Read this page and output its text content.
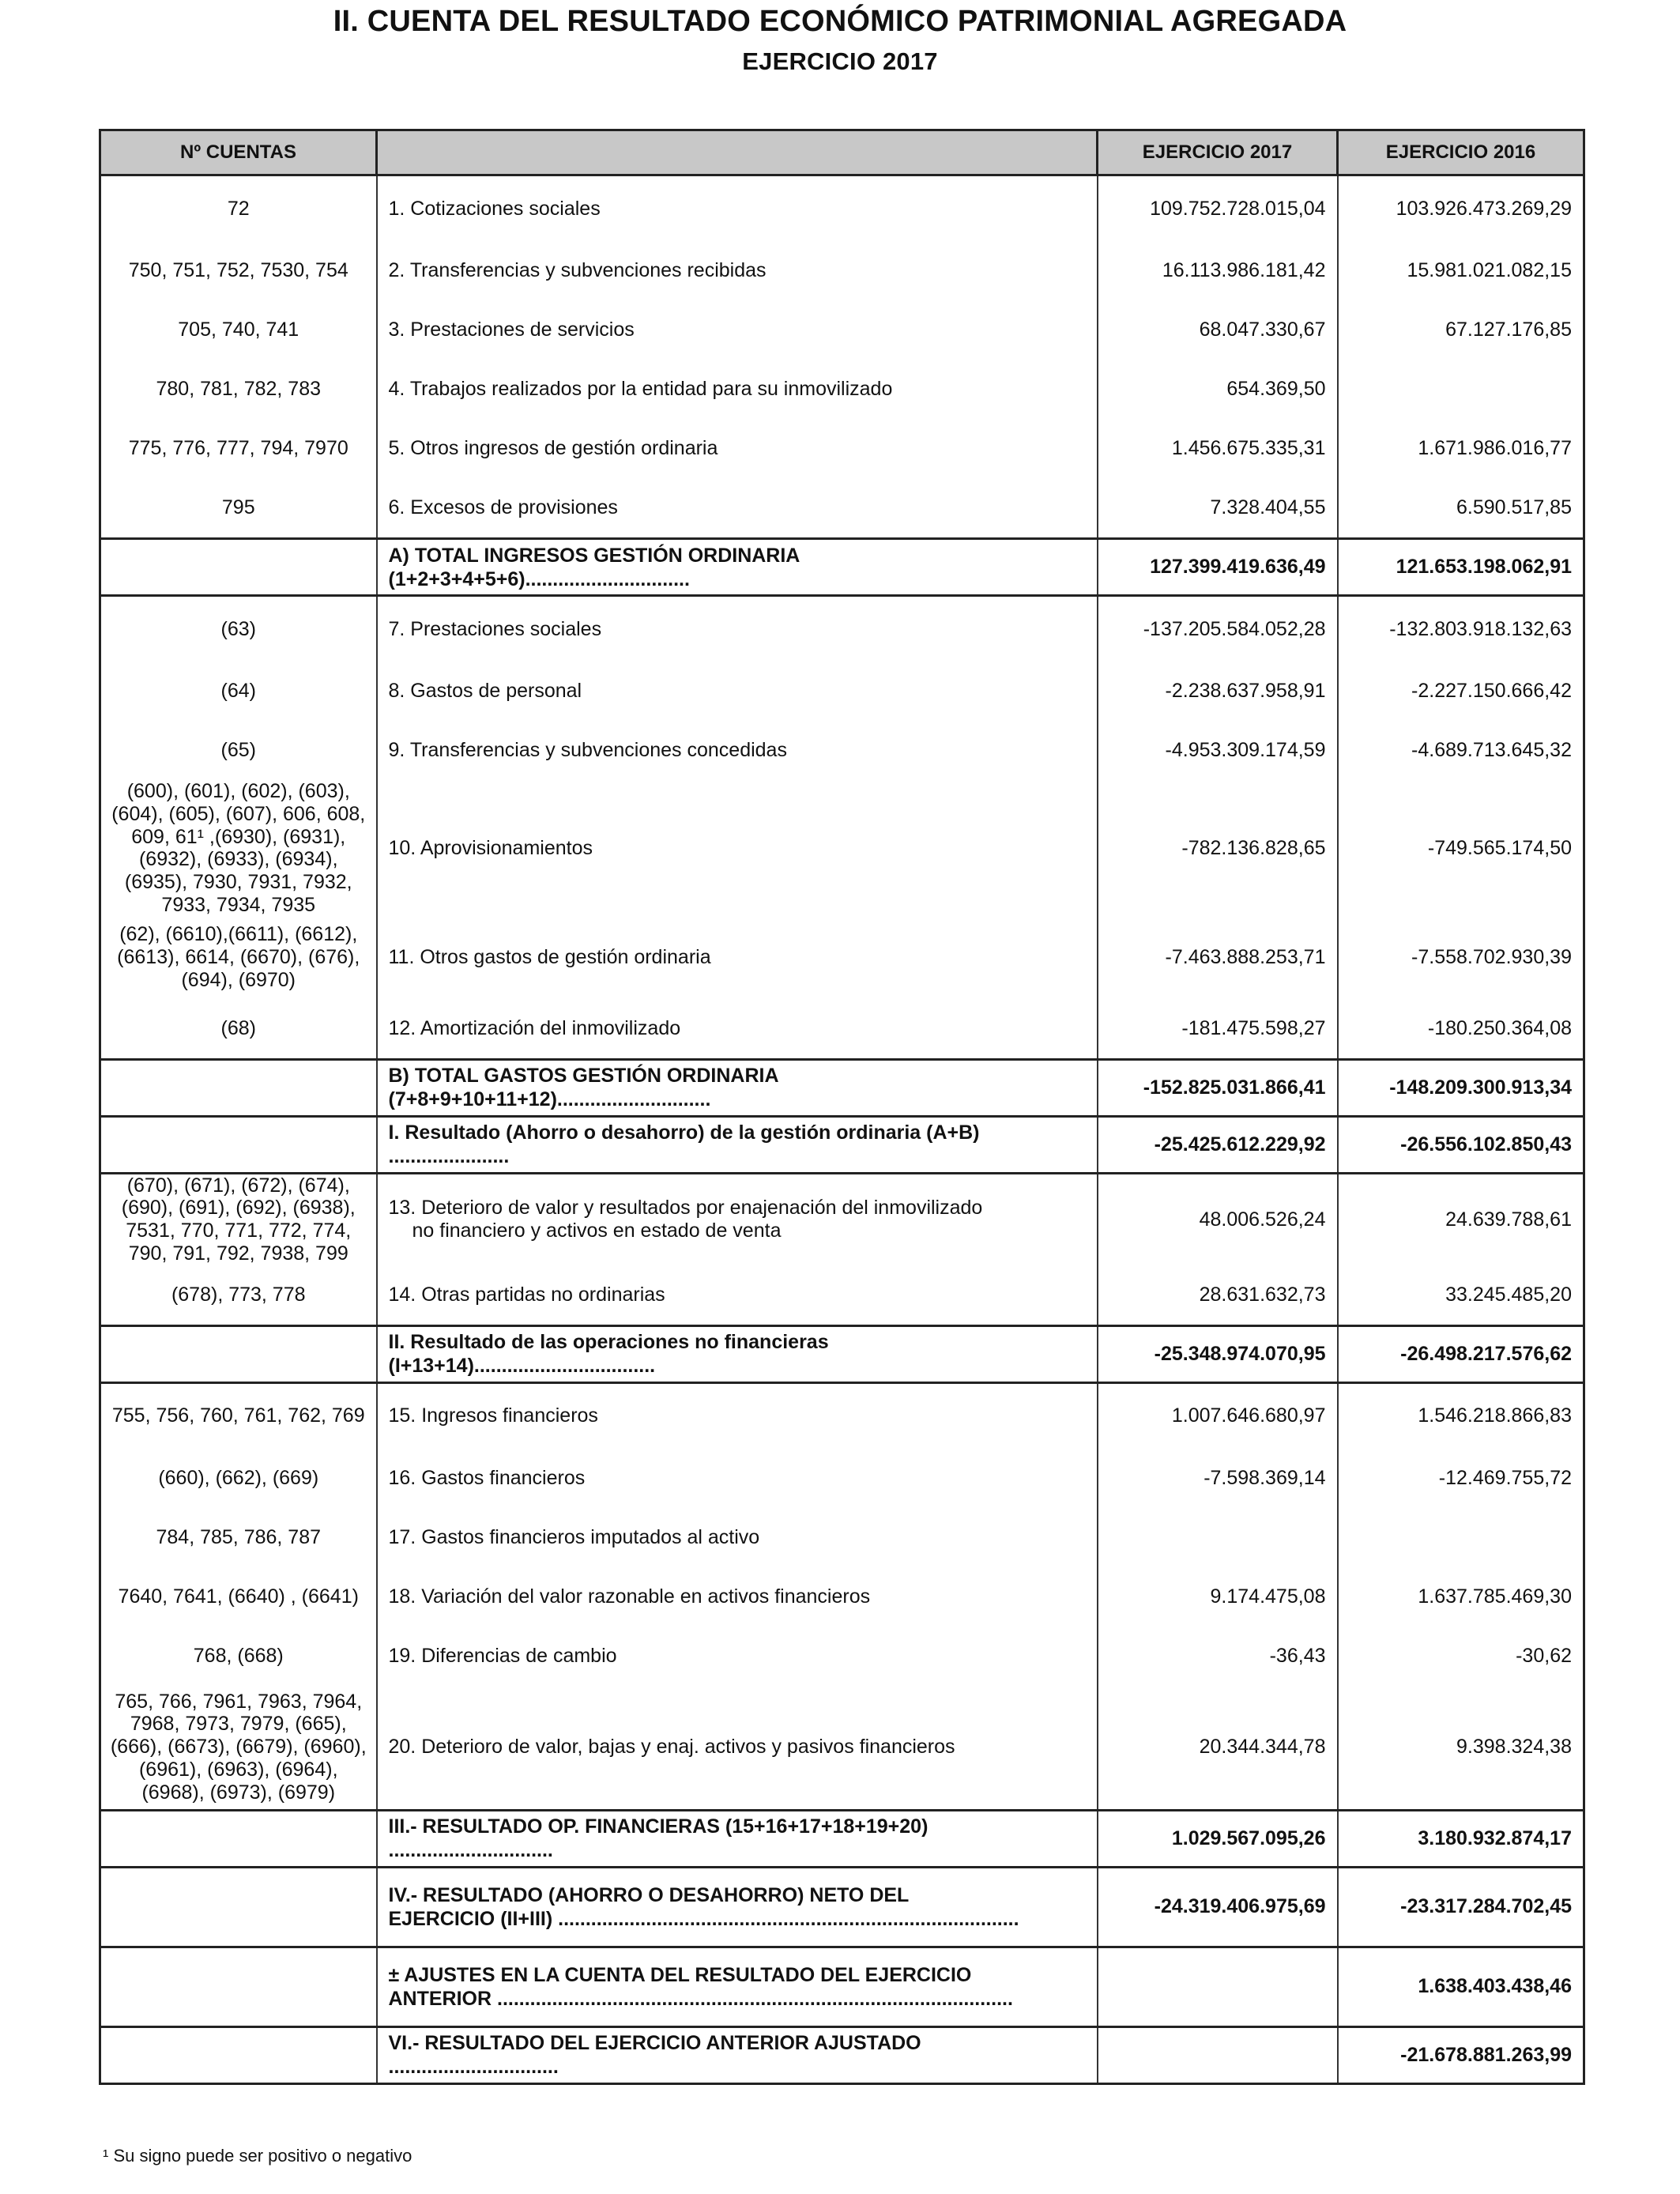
II. CUENTA DEL RESULTADO ECONÓMICO PATRIMONIAL AGREGADA
EJERCICIO 2017
Nº CUENTAS		EJERCICIO 2017	EJERCICIO 2016
72	1. Cotizaciones sociales	109.752.728.015,04	103.926.473.269,29
750, 751, 752, 7530, 754	2. Transferencias y subvenciones recibidas	16.113.986.181,42	15.981.021.082,15
705, 740, 741	3. Prestaciones de servicios	68.047.330,67	67.127.176,85
780, 781, 782, 783	4. Trabajos realizados por la entidad para su inmovilizado	654.369,50	
775, 776, 777, 794, 7970	5. Otros ingresos de gestión ordinaria	1.456.675.335,31	1.671.986.016,77
795	6. Excesos de provisiones	7.328.404,55	6.590.517,85
	A) TOTAL INGRESOS GESTIÓN ORDINARIA (1+2+3+4+5+6)..............................	127.399.419.636,49	121.653.198.062,91
(63)	7. Prestaciones sociales	-137.205.584.052,28	-132.803.918.132,63
(64)	8. Gastos de personal	-2.238.637.958,91	-2.227.150.666,42
(65)	9. Transferencias y subvenciones concedidas	-4.953.309.174,59	-4.689.713.645,32
(600), (601), (602), (603), (604), (605), (607), 606, 608, 609, 61¹ ,(6930), (6931), (6932), (6933), (6934), (6935), 7930, 7931, 7932, 7933, 7934, 7935	10. Aprovisionamientos	-782.136.828,65	-749.565.174,50
(62), (6610),(6611), (6612), (6613), 6614, (6670), (676), (694), (6970)	11. Otros gastos de gestión ordinaria	-7.463.888.253,71	-7.558.702.930,39
(68)	12. Amortización del inmovilizado	-181.475.598,27	-180.250.364,08
	B) TOTAL GASTOS GESTIÓN ORDINARIA (7+8+9+10+11+12)............................	-152.825.031.866,41	-148.209.300.913,34
	I. Resultado (Ahorro o desahorro) de la gestión ordinaria (A+B) ......................	-25.425.612.229,92	-26.556.102.850,43
(670), (671), (672), (674), (690), (691), (692), (6938), 7531, 770, 771, 772, 774, 790, 791, 792, 7938, 799	13. Deterioro de valor y resultados por enajenación del inmovilizado
no financiero y activos en estado de venta	48.006.526,24	24.639.788,61
(678), 773, 778	14. Otras partidas no ordinarias	28.631.632,73	33.245.485,20
	II. Resultado de las operaciones no financieras (I+13+14).................................	-25.348.974.070,95	-26.498.217.576,62
755, 756, 760, 761, 762, 769	15. Ingresos financieros	1.007.646.680,97	1.546.218.866,83
(660), (662), (669)	16. Gastos financieros	-7.598.369,14	-12.469.755,72
784, 785, 786, 787	17. Gastos financieros imputados al activo		
7640, 7641, (6640) , (6641)	18. Variación del valor razonable en activos financieros	9.174.475,08	1.637.785.469,30
768, (668)	19. Diferencias de cambio	-36,43	-30,62
765, 766, 7961, 7963, 7964, 7968, 7973, 7979, (665), (666), (6673), (6679), (6960), (6961), (6963), (6964), (6968), (6973), (6979)	20. Deterioro de valor, bajas y enaj. activos y pasivos financieros	20.344.344,78	9.398.324,38
	III.- RESULTADO OP. FINANCIERAS (15+16+17+18+19+20) ..............................	1.029.567.095,26	3.180.932.874,17
	IV.- RESULTADO (AHORRO O DESAHORRO) NETO DEL
EJERCICIO (II+III) ....................................................................................	-24.319.406.975,69	-23.317.284.702,45
	± AJUSTES EN LA CUENTA DEL RESULTADO DEL EJERCICIO
ANTERIOR ..............................................................................................		1.638.403.438,46
	VI.- RESULTADO DEL EJERCICIO ANTERIOR AJUSTADO ...............................		-21.678.881.263,99
¹ Su signo puede ser positivo o negativo
